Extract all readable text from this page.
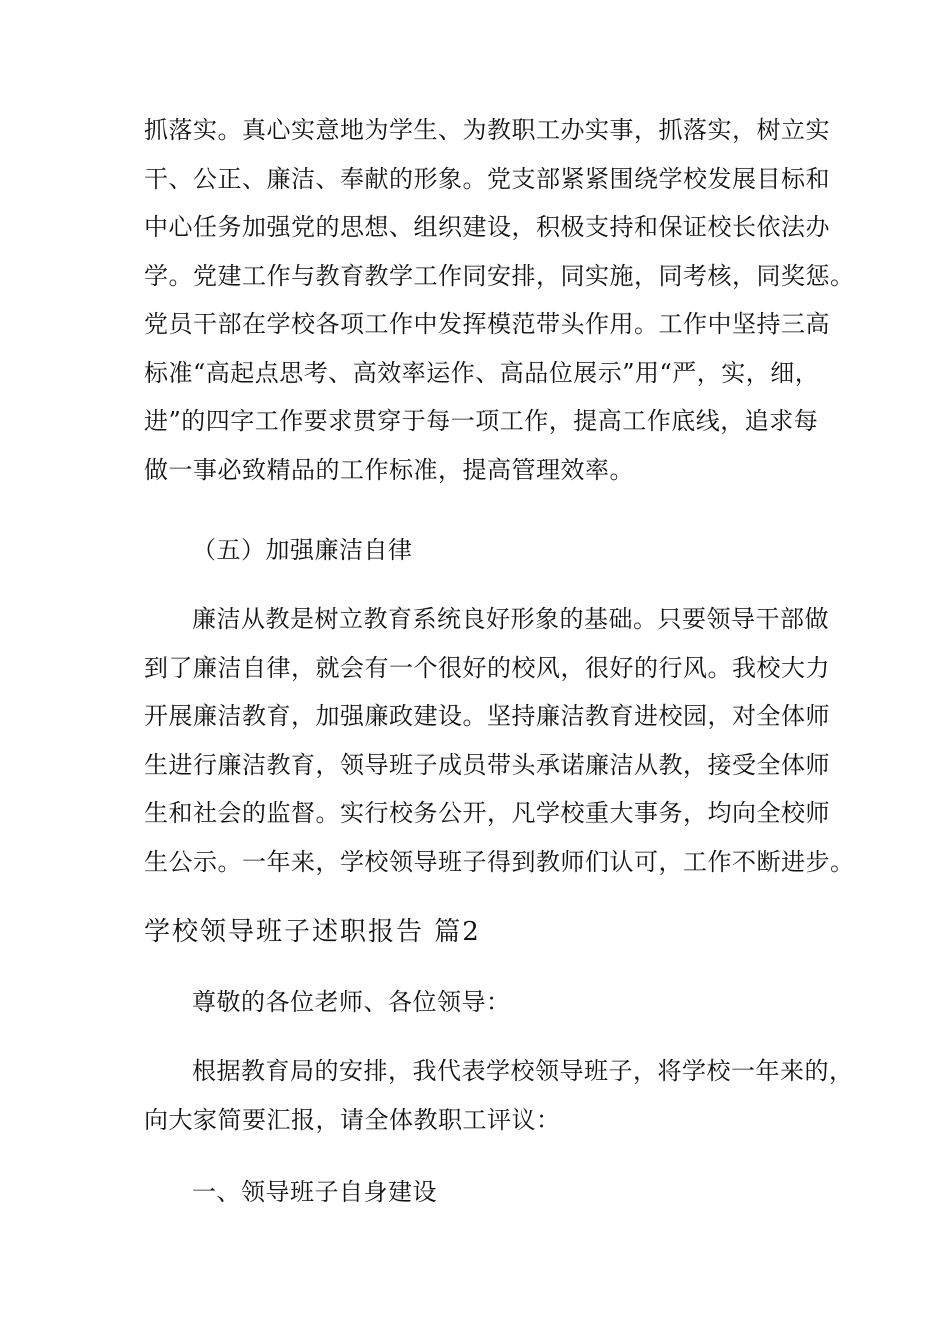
抓落实。真心实意地为学生、为教职工办实事，抓落实，树立实
干、公正、廉洁、奉献的形象。党支部紧紧围绕学校发展目标和
中心任务加强党的思想、组织建设，积极支持和保证校长依法办
学。党建工作与教育教学工作同安排，同实施，同考核，同奖惩。
党员干部在学校各项工作中发挥模范带头作用。工作中坚持三高
标准“高起点思考、高效率运作、高品位展示”用“严，实，细，
进”的四字工作要求贯穿于每一项工作，提高工作底线，追求每
做一事必致精品的工作标准，提高管理效率。
（五）加强廉洁自律
廉洁从教是树立教育系统良好形象的基础。只要领导干部做
到了廉洁自律，就会有一个很好的校风，很好的行风。我校大力
开展廉洁教育，加强廉政建设。坚持廉洁教育进校园，对全体师
生进行廉洁教育，领导班子成员带头承诺廉洁从教，接受全体师
生和社会的监督。实行校务公开，凡学校重大事务，均向全校师
生公示。一年来，学校领导班子得到教师们认可，工作不断进步。
学校领导班子述职报告 篇2
尊敬的各位老师、各位领导：
根据教育局的安排，我代表学校领导班子，将学校一年来的，
向大家简要汇报，请全体教职工评议：
一、领导班子自身建设
